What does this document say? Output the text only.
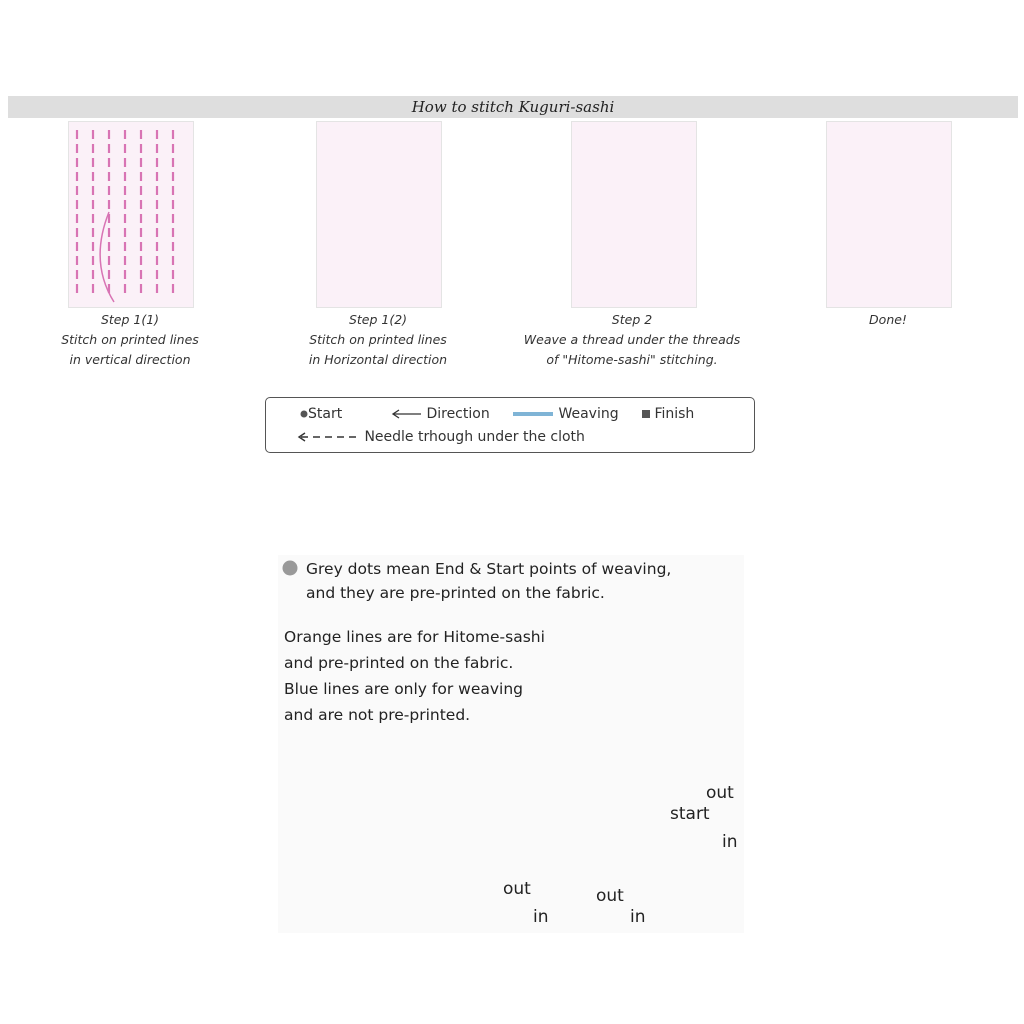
How to stitch Kuguri-sashi
Step 1(1)
Stitch on printed lines
in vertical direction
Step 1(2)
Stitch on printed lines
in Horizontal direction
Step 2
Weave a thread under the threads
of "Hitome-sashi" stitching.
Done!
Start	Direction	Weaving	Finish
Needle trhough under the cloth
Grey dots mean End & Start points of weaving,
and they are pre-printed on the fabric.
Orange lines are for Hitome-sashi
and pre-printed on the fabric.
Blue lines are only for weaving
and are not pre-printed.
out
start
in
out
in
out
in
